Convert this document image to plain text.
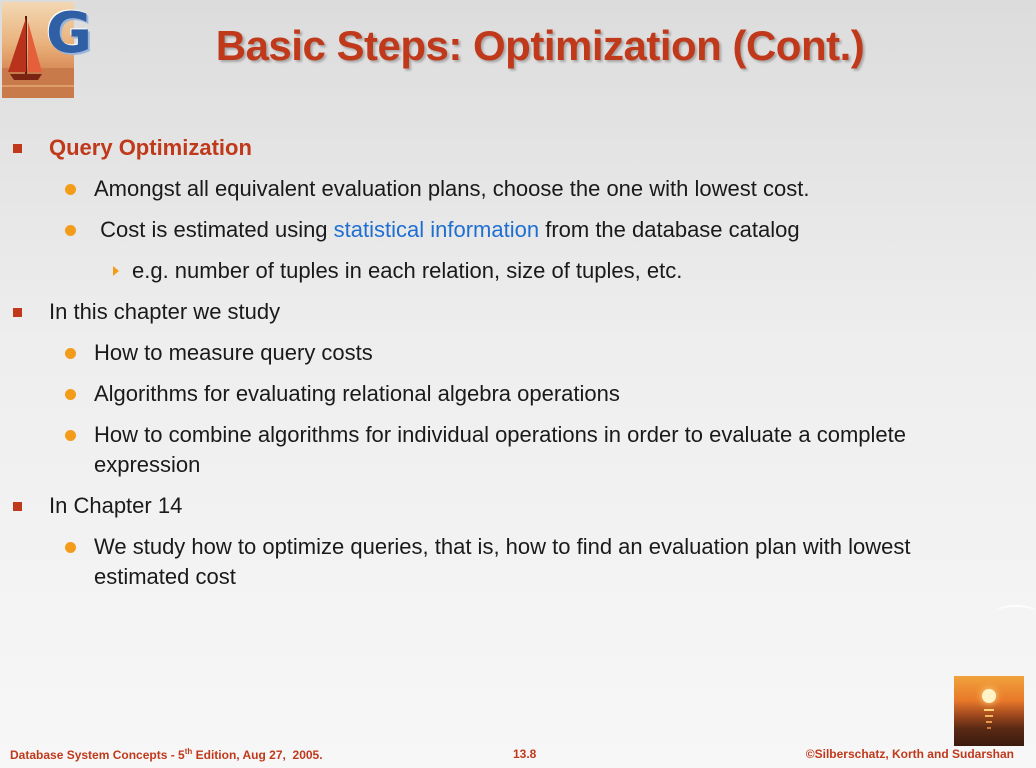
G	Basic Steps: Optimization (Cont.)
Query Optimization
Amongst all equivalent evaluation plans, choose the one with lowest cost.
Cost is estimated using statistical information from the database catalog
e.g. number of tuples in each relation, size of tuples, etc.
In this chapter we study
How to measure query costs
Algorithms for evaluating relational algebra operations
How to combine algorithms for individual operations in order to evaluate a complete expression
In Chapter 14
We study how to optimize queries, that is, how to find an evaluation plan with lowest estimated cost
Database System Concepts - 5th Edition, Aug 27,  2005.	13.8	©Silberschatz, Korth and Sudarshan
